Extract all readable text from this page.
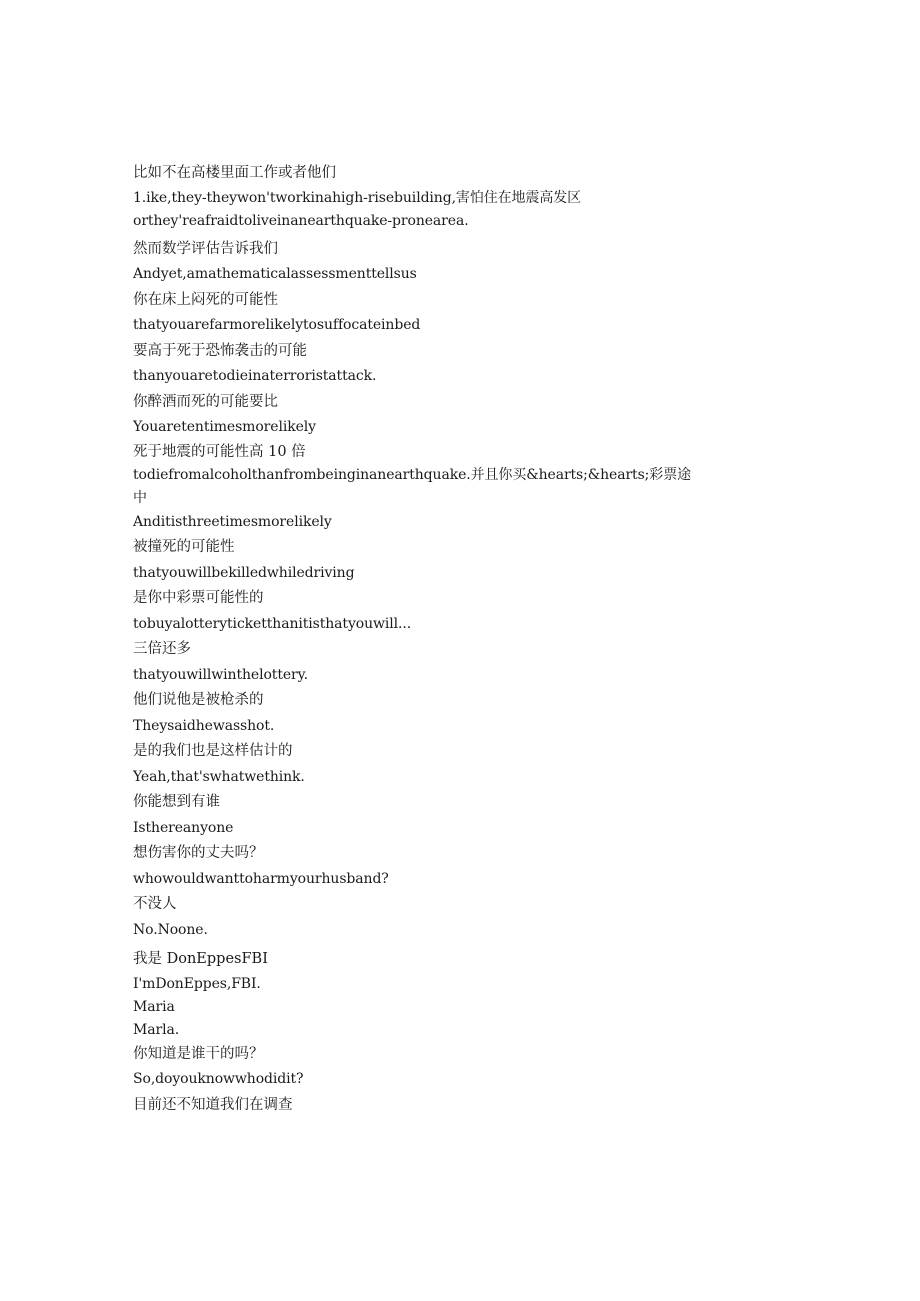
比如不在高楼里面工作或者他们

1.ike,they-theywon'tworkinahigh-risebuilding,害怕住在地震高发区

orthey'reafraidtoliveinanearthquake-pronearea.

然而数学评估告诉我们

Andyet,amathematicalassessmenttellsus

你在床上闷死的可能性

thatyouarefarmorelikelytosuffocateinbed

要高于死于恐怖袭击的可能

thanyouaretodieinaterroristattack.

你醉酒而死的可能要比

Youaretentimesmorelikely

死于地震的可能性高 10 倍

todiefromalcoholthanfrombeinginanearthquake.并且你买&hearts;&hearts;彩票途中

Anditisthreetimesmorelikely

被撞死的可能性

thatyouwillbekilledwhiledriving

是你中彩票可能性的

tobuyalotteryticketthanitisthatyouwill...

三倍还多

thatyouwillwinthelottery.

他们说他是被枪杀的

Theysaidhewasshot.

是的我们也是这样估计的

Yeah,that'swhatwethink.

你能想到有谁

Isthereanyone

想伤害你的丈夫吗？

whowouldwanttoharmyourhusband?

不没人

No.Noone.

我是 DonEppesFBI

I'mDonEppes,FBI.

Maria

Marla.

你知道是谁干的吗？

So,doyouknowwhodidit?

目前还不知道我们在调查
